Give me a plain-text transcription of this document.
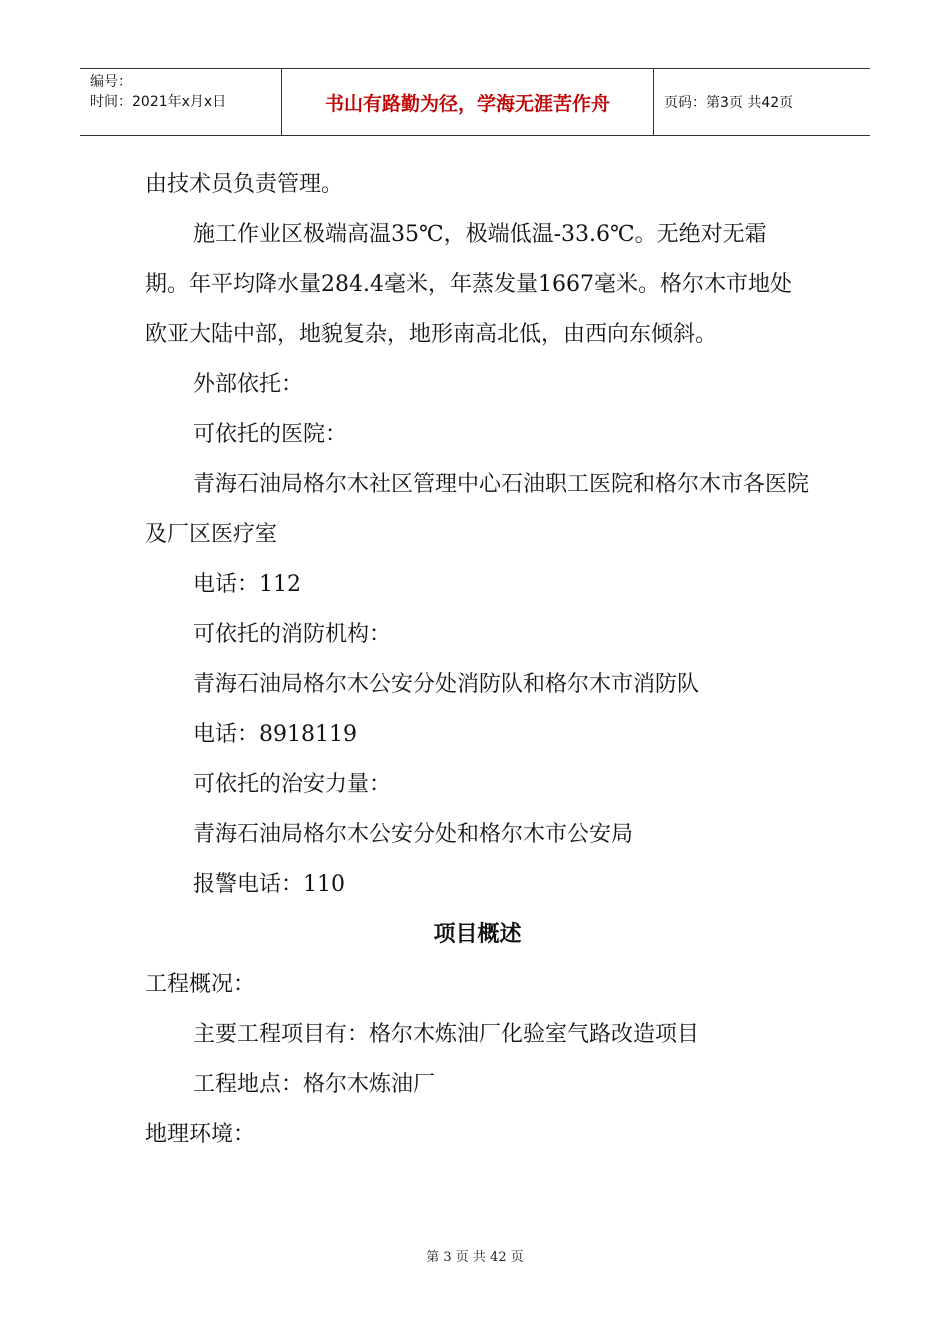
编号：
时间：2021年x月x日	书山有路勤为径，学海无涯苦作舟	页码：第3页 共42页

由技术员负责管理。

施工作业区极端高温35℃，极端低温-33.6℃。无绝对无霜期。年平均降水量284.4毫米，年蒸发量1667毫米。格尔木市地处欧亚大陆中部，地貌复杂，地形南高北低，由西向东倾斜。

外部依托：

可依托的医院：

青海石油局格尔木社区管理中心石油职工医院和格尔木市各医院及厂区医疗室

电话：112

可依托的消防机构：

青海石油局格尔木公安分处消防队和格尔木市消防队

电话：8918119

可依托的治安力量：

青海石油局格尔木公安分处和格尔木市公安局

报警电话：110

项目概述

工程概况：

主要工程项目有：格尔木炼油厂化验室气路改造项目

工程地点：格尔木炼油厂

地理环境：

第 3 页 共 42 页
